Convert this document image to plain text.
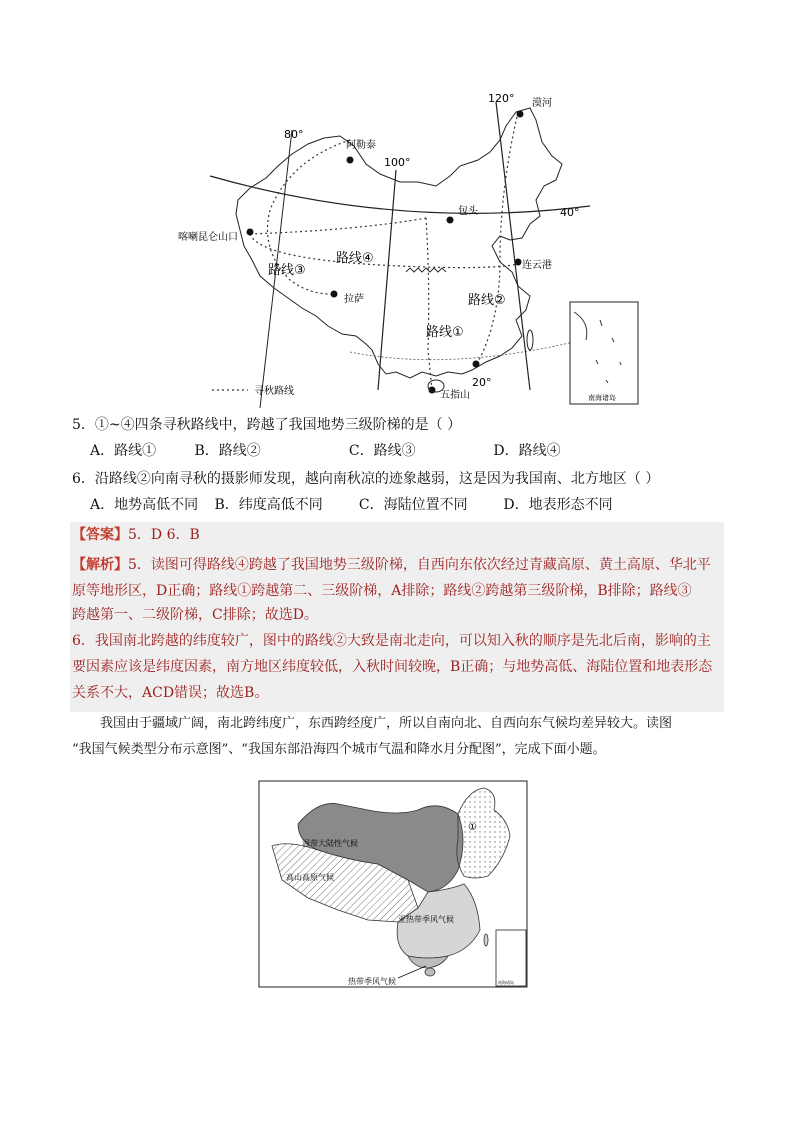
80°
100°
120°
40°
20°
漠河
阿勒泰
包头
喀喇昆仑山口
连云港
拉萨
五指山
路线①
路线②
路线③
路线④
寻秋路线
南海诸岛
5．①~④四条寻秋路线中，跨越了我国地势三级阶梯的是（ ）
A．路线①	B．路线②	C．路线③	D．路线④
6．沿路线②向南寻秋的摄影师发现，越向南秋凉的迹象越弱，这是因为我国南、北方地区（ ）
A．地势高低不同 B．纬度高低不同	C．海陆位置不同	D．地表形态不同
【答案】5．D 6．B
【解析】5．读图可得路线④跨越了我国地势三级阶梯，自西向东依次经过青藏高原、黄土高原、华北平
原等地形区，D正确；路线①跨越第二、三级阶梯，A排除；路线②跨越第三级阶梯，B排除；路线③
跨越第一、二级阶梯，C排除；故选D。
6．我国南北跨越的纬度较广，图中的路线②大致是南北走向，可以知入秋的顺序是先北后南，影响的主
要因素应该是纬度因素，南方地区纬度较低，入秋时间较晚，B正确；与地势高低、海陆位置和地表形态
关系不大，ACD错误；故选B。
我国由于疆域广阔，南北跨纬度广，东西跨经度广，所以自南向北、自西向东气候均差异较大。读图
“我国气候类型分布示意图”、“我国东部沿海四个城市气温和降水月分配图”，完成下面小题。
南海诸岛
温带大陆性气候
高山高原气候
亚热带季风气候
热带季风气候
①
